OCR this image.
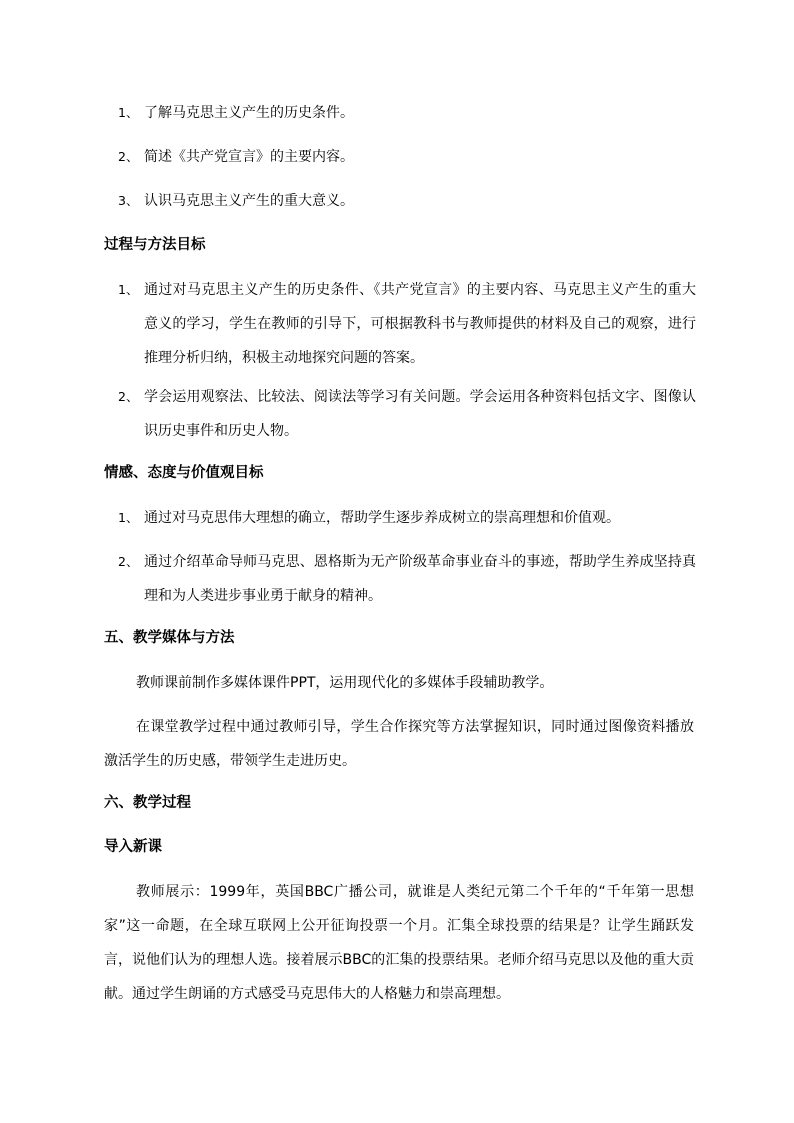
1、 了解马克思主义产生的历史条件。
2、 简述《共产党宣言》的主要内容。
3、 认识马克思主义产生的重大意义。
过程与方法目标
1、 通过对马克思主义产生的历史条件、《共产党宣言》的主要内容、马克思主义产生的重大意义的学习，学生在教师的引导下，可根据教科书与教师提供的材料及自己的观察，进行推理分析归纳，积极主动地探究问题的答案。
2、 学会运用观察法、比较法、阅读法等学习有关问题。学会运用各种资料包括文字、图像认识历史事件和历史人物。
情感、态度与价值观目标
1、 通过对马克思伟大理想的确立，帮助学生逐步养成树立的崇高理想和价值观。
2、 通过介绍革命导师马克思、恩格斯为无产阶级革命事业奋斗的事迹，帮助学生养成坚持真理和为人类进步事业勇于献身的精神。
五、教学媒体与方法

教师课前制作多媒体课件PPT，运用现代化的多媒体手段辅助教学。

在课堂教学过程中通过教师引导，学生合作探究等方法掌握知识，同时通过图像资料播放激活学生的历史感，带领学生走进历史。

六、教学过程
导入新课

教师展示：1999年，英国BBC广播公司，就谁是人类纪元第二个千年的“千年第一思想家”这一命题，在全球互联网上公开征询投票一个月。汇集全球投票的结果是？让学生踊跃发言，说他们认为的理想人选。接着展示BBC的汇集的投票结果。老师介绍马克思以及他的重大贡献。通过学生朗诵的方式感受马克思伟大的人格魅力和崇高理想。
